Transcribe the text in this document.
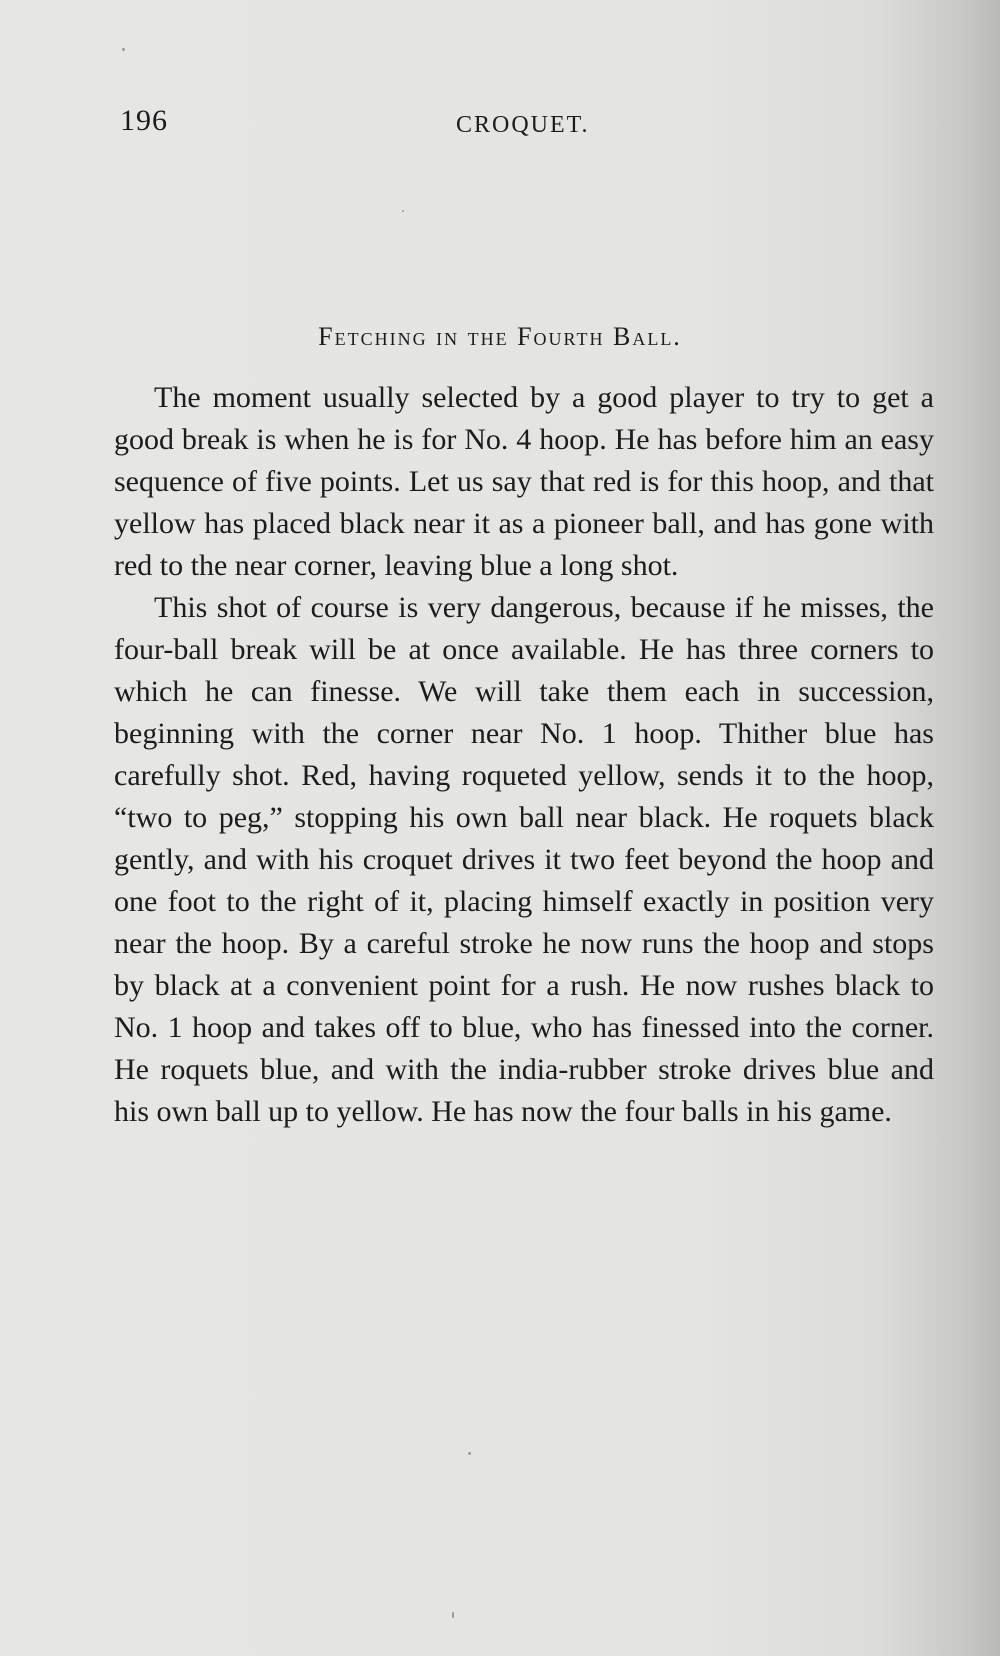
196	CROQUET.
Fetching in the Fourth Ball.

The moment usually selected by a good player to try to get a good break is when he is for No. 4 hoop. He has before him an easy sequence of five points. Let us say that red is for this hoop, and that yellow has placed black near it as a pioneer ball, and has gone with red to the near corner, leaving blue a long shot.

This shot of course is very dangerous, because if he misses, the four-ball break will be at once available. He has three corners to which he can finesse. We will take them each in succession, beginning with the corner near No. 1 hoop. Thither blue has carefully shot. Red, having roqueted yellow, sends it to the hoop, “two to peg,” stopping his own ball near black. He roquets black gently, and with his croquet drives it two feet beyond the hoop and one foot to the right of it, placing himself exactly in position very near the hoop. By a careful stroke he now runs the hoop and stops by black at a convenient point for a rush. He now rushes black to No. 1 hoop and takes off to blue, who has finessed into the corner. He roquets blue, and with the india-rubber stroke drives blue and his own ball up to yellow. He has now the four balls in his game.
